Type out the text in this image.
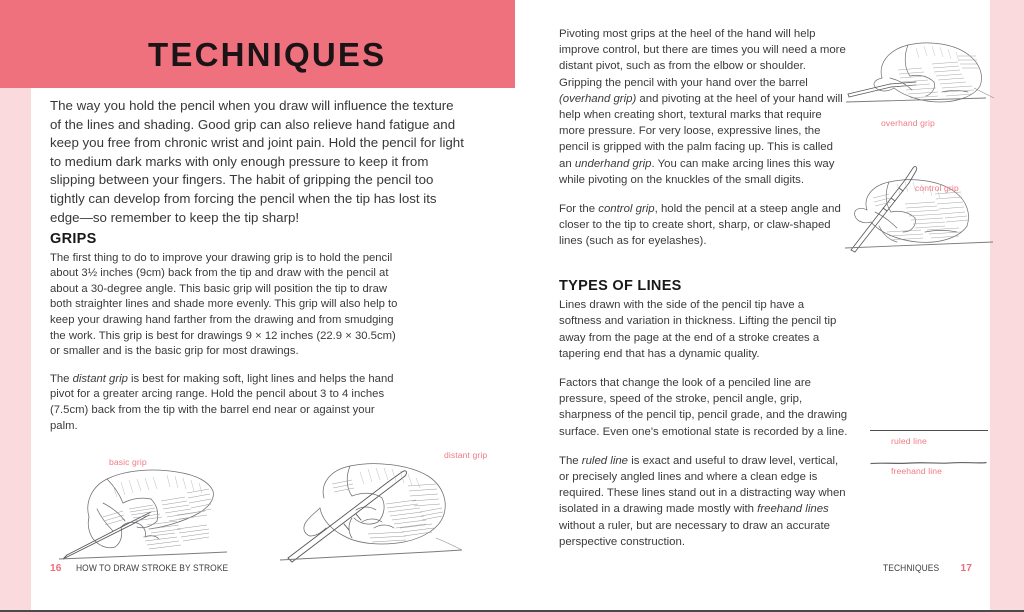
TECHNIQUES
The way you hold the pencil when you draw will influence the texture of the lines and shading. Good grip can also relieve hand fatigue and keep you free from chronic wrist and joint pain. Hold the pencil for light to medium dark marks with only enough pressure to keep it from slipping between your fingers. The habit of gripping the pencil too tightly can develop from forcing the pencil when the tip has lost its edge—so remember to keep the tip sharp!
GRIPS

The first thing to do to improve your drawing grip is to hold the pencil about 3½ inches (9cm) back from the tip and draw with the pencil at about a 30-degree angle. This basic grip will position the tip to draw both straighter lines and shade more evenly. This grip will also help to keep your drawing hand farther from the drawing and from smudging the work. This grip is best for drawings 9 × 12 inches (22.9 × 30.5cm) or smaller and is the basic grip for most drawings.

The distant grip is best for making soft, light lines and helps the hand pivot for a greater arcing range. Hold the pencil about 3 to 4 inches (7.5cm) back from the tip with the barrel end near or against your palm.

basic grip
distant grip
16 HOW TO DRAW STROKE BY STROKE

Pivoting most grips at the heel of the hand will help improve control, but there are times you will need a more distant pivot, such as from the elbow or shoulder. Gripping the pencil with your hand over the barrel (overhand grip) and pivoting at the heel of your hand will help when creating short, textural marks that require more pressure. For very loose, expressive lines, the pencil is gripped with the palm facing up. This is called an underhand grip. You can make arcing lines this way while pivoting on the knuckles of the small digits.

For the control grip, hold the pencil at a steep angle and closer to the tip to create short, sharp, or claw-shaped lines (such as for eyelashes).

TYPES OF LINES

Lines drawn with the side of the pencil tip have a softness and variation in thickness. Lifting the pencil tip away from the page at the end of a stroke creates a tapering end that has a dynamic quality.

Factors that change the look of a penciled line are pressure, speed of the stroke, pencil angle, grip, sharpness of the pencil tip, pencil grade, and the drawing surface. Even one's emotional state is recorded by a line.

The ruled line is exact and useful to draw level, vertical, or precisely angled lines and where a clean edge is required. These lines stand out in a distracting way when isolated in a drawing made mostly with freehand lines without a ruler, but are necessary to draw an accurate perspective construction.

overhand grip
control grip
ruled line
freehand line
TECHNIQUES 17
